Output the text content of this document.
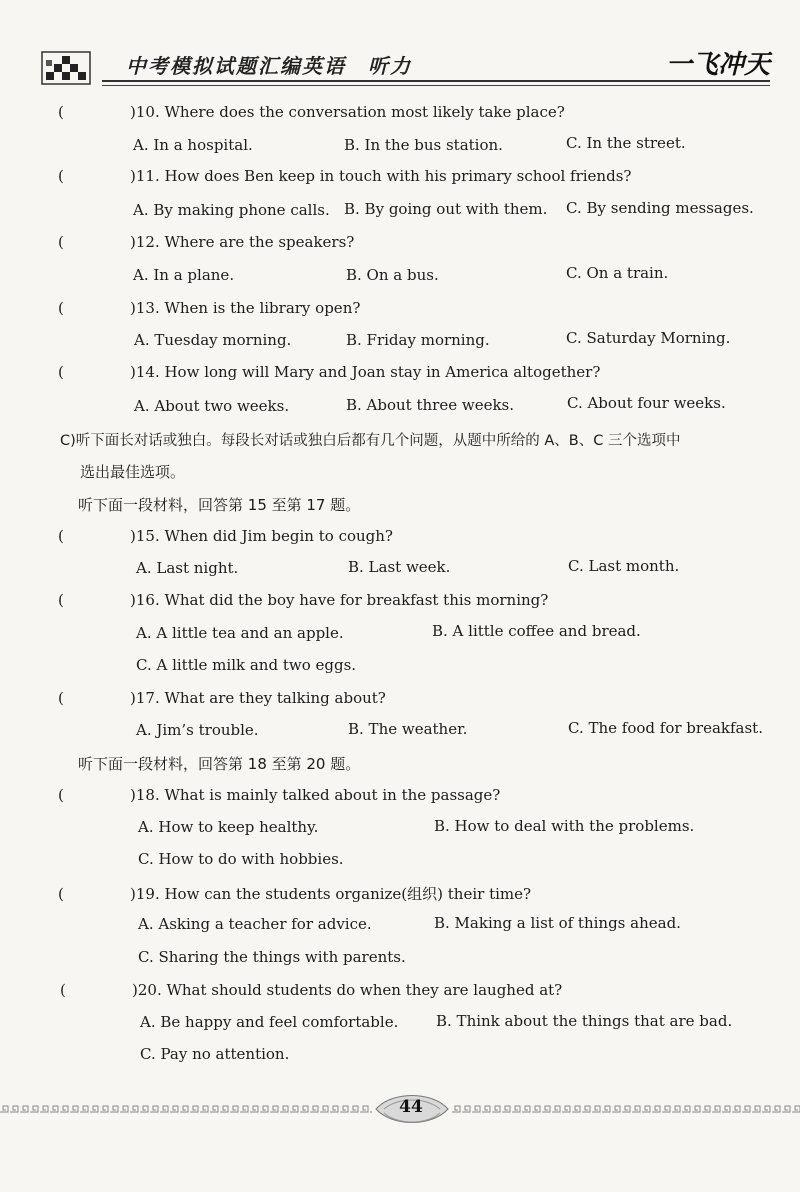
中考模拟试题汇编英语　听力	一飞冲天
(	)10. Where does the conversation most likely take place?
A. In a hospital.	B. In the bus station.	C. In the street.
(	)11. How does Ben keep in touch with his primary school friends?
A. By making phone calls. B. By going out with them. C. By sending messages.
(	)12. Where are the speakers?
A. In a plane.	B. On a bus.	C. On a train.
(	)13. When is the library open?
A. Tuesday morning.	B. Friday morning.	C. Saturday Morning.
(	)14. How long will Mary and Joan stay in America altogether?
A. About two weeks.	B. About three weeks.	C. About four weeks.
C)听下面长对话或独白。每段长对话或独白后都有几个问题，从题中所给的 A、B、C 三个选项中
选出最佳选项。
听下面一段材料，回答第 15 至第 17 题。
(	)15. When did Jim begin to cough?
A. Last night.	B. Last week.	C. Last month.
(	)16. What did the boy have for breakfast this morning?
A. A little tea and an apple.	B. A little coffee and bread.
C. A little milk and two eggs.
(	)17. What are they talking about?
A. Jim’s trouble.	B. The weather.	C. The food for breakfast.
听下面一段材料，回答第 18 至第 20 题。
(	)18. What is mainly talked about in the passage?
A. How to keep healthy.	B. How to deal with the problems.
C. How to do with hobbies.
(	)19. How can the students organize(组织) their time?
A. Asking a teacher for advice.	B. Making a list of things ahead.
C. Sharing the things with parents.
(	)20. What should students do when they are laughed at?
A. Be happy and feel comfortable.	B. Think about the things that are bad.
C. Pay no attention.
44
